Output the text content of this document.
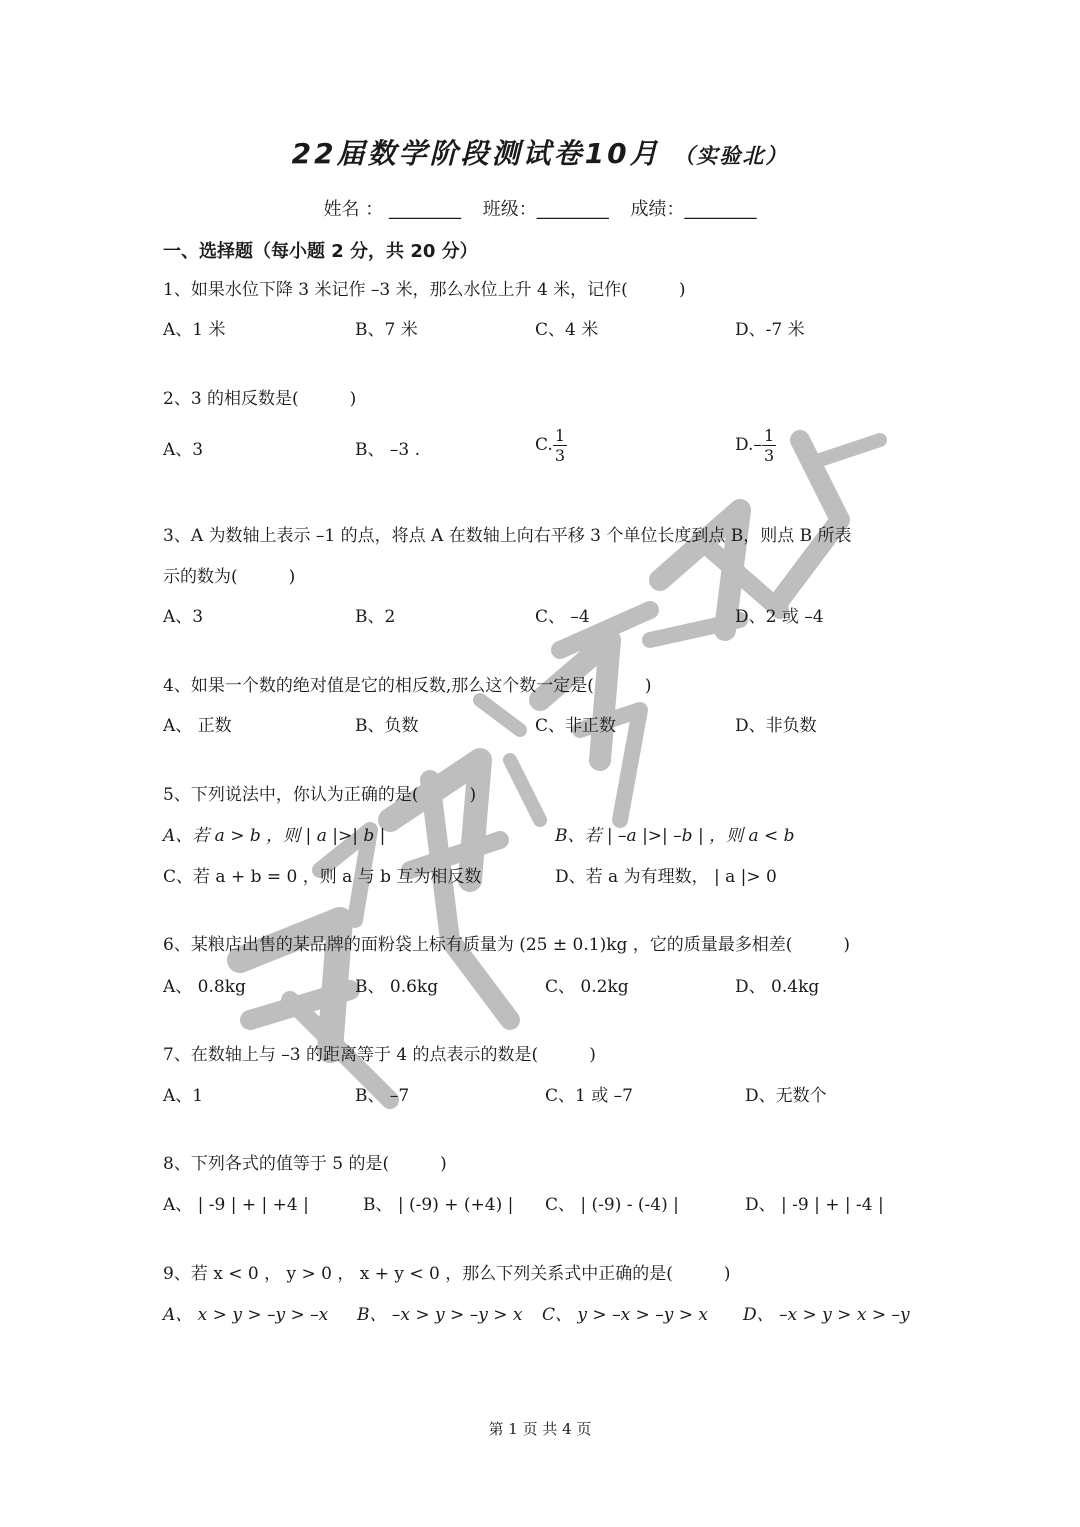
22届数学阶段测试卷10月 （实验北）
姓名 ： ________ 班级：________ 成绩：________
一、选择题（每小题 2 分，共 20 分）
1、如果水位下降 3 米记作 –3 米，那么水位上升 4 米，记作(　　　)
A、1 米	B、7 米	C、4 米	D、-7 米
2、3 的相反数是(　　　)
A、3	B、 –3 .	C. $\frac{1}{3}$	$D.- \frac{1}{3}$
3、A 为数轴上表示 –1 的点，将点 A 在数轴上向右平移 3 个单位长度到点 B，则点 B 所表
示的数为(　　　)
A、3	B、2	C、 –4	D、2 或 –4
4、如果一个数的绝对值是它的相反数,那么这个数一定是(　　　)
A、 正数	B、负数	C、非正数	D、非负数
5、下列说法中，你认为正确的是(　　　)
A、若 a > b ，则 | a |>| b |	B、若 | –a |>| –b | ，则 a < b
C、若 a + b = 0 ，则 a 与 b 互为相反数	D、若 a 为有理数， | a |> 0
6、某粮店出售的某品牌的面粉袋上标有质量为 (25 ± 0.1)kg ，它的质量最多相差(　　　)
A、 0.8kg	B、 0.6kg	C、 0.2kg	D、 0.4kg
7、在数轴上与 –3 的距离等于 4 的点表示的数是(　　　)
A、1	B、 –7	C、1 或 –7	D、无数个
8、下列各式的值等于 5 的是(　　　)
A、 | -9 | + | +4 |	B、 | (-9) + (+4) | C、 | (-9) - (-4) |	D、 | -9 | + | -4 |
9、若 x < 0 ， y > 0 ， x + y < 0 ，那么下列关系式中正确的是(　　　)
A、 x > y > –y > –x B、 –x > y > –y > x C、 y > –x > –y > x D、 –x > y > x > –y
第 1 页 共 4 页
